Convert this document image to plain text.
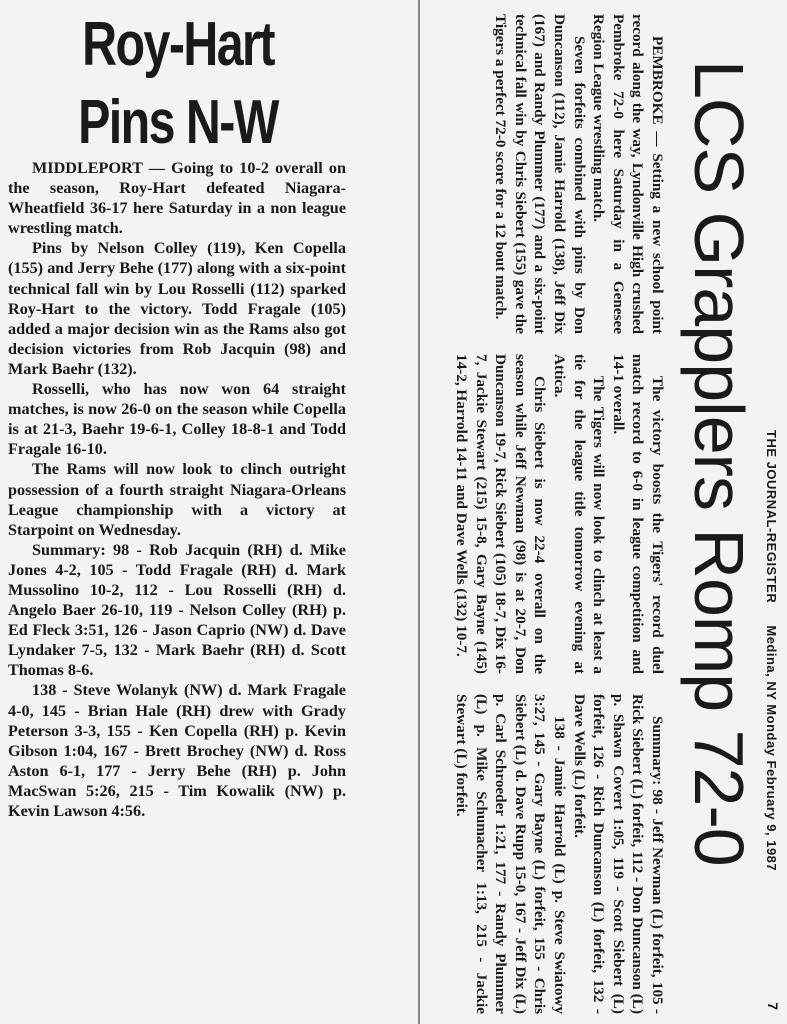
Roy-Hart
Pins N-W

MIDDLEPORT — Going to 10-2 overall on the season, Roy-Hart defeated Niagara-Wheatfield 36-17 here Saturday in a non league wrestling match.

Pins by Nelson Colley (119), Ken Copella (155) and Jerry Behe (177) along with a six-point technical fall win by Lou Rosselli (112) sparked Roy-Hart to the victory. Todd Fragale (105) added a major decision win as the Rams also got decision victories from Rob Jacquin (98) and Mark Baehr (132).

Rosselli, who has now won 64 straight matches, is now 26-0 on the season while Copella is at 21-3, Baehr 19-6-1, Colley 18-8-1 and Todd Fragale 16-10.

The Rams will now look to clinch outright possession of a fourth straight Niagara-Orleans League championship with a victory at Starpoint on Wednesday.

Summary: 98 - Rob Jacquin (RH) d. Mike Jones 4-2, 105 - Todd Fragale (RH) d. Mark Mussolino 10-2, 112 - Lou Rosselli (RH) d. Angelo Baer 26-10, 119 - Nelson Colley (RH) p. Ed Fleck 3:51, 126 - Jason Caprio (NW) d. Dave Lyndaker 7-5, 132 - Mark Baehr (RH) d. Scott Thomas 8-6.

138 - Steve Wolanyk (NW) d. Mark Fragale 4-0, 145 - Brian Hale (RH) drew with Grady Peterson 3-3, 155 - Ken Copella (RH) p. Kevin Gibson 1:04, 167 - Brett Brochey (NW) d. Ross Aston 6-1, 177 - Jerry Behe (RH) p. John MacSwan 5:26, 215 - Tim Kowalik (NW) p. Kevin Lawson 4:56.

THE JOURNAL-REGISTER Medina, NY Monday February 9, 1987
7
LCS Grapplers Romp 72-0

PEMBROKE — Setting a new school point record along the way, Lyndonville High crushed Pembroke 72-0 here Saturday in a Genesee Region League wrestling match.

Seven forfeits combined with pins by Don Duncanson (112), Jamie Harrold (138), Jeff Dix (167) and Randy Plummer (177) and a six-point technical fall win by Chris Siebert (155) gave the Tigers a perfect 72-0 score for a 12 bout match.

The victory boosts the Tigers' record duel match record to 6-0 in league competition and 14-1 overall.

The Tigers will now look to clinch at least a tie for the league title tomorrow evening at Attica.

Chris Siebert is now 22-4 overall on the season while Jeff Newman (98) is at 20-7, Don Duncanson 19-7, Rick Siebert (105) 18-7, Dix 16-7, Jackie Stewart (215) 15-8, Gary Bayne (145) 14-2, Harrold 14-11 and Dave Wells (132) 10-7.

Summary: 98 - Jeff Newman (L) forfeit, 105 - Rick Siebert (L) forfeit, 112 - Don Duncanson (L) p. Shawn Covert 1:05, 119 - Scott Siebert (L) forfeit, 126 - Rich Duncanson (L) forfeit, 132 - Dave Wells (L) forfeit.

138 - Jamie Harrold (L) p. Steve Swiatowy 3:27, 145 - Gary Bayne (L) forfeit, 155 - Chris Siebert (L) d. Dave Rupp 15-0, 167 - Jeff Dix (L) p. Carl Schroeder 1:21, 177 - Randy Plummer (L) p. Mike Schumacher 1:13, 215 - Jackie Stewart (L) forfeit.
